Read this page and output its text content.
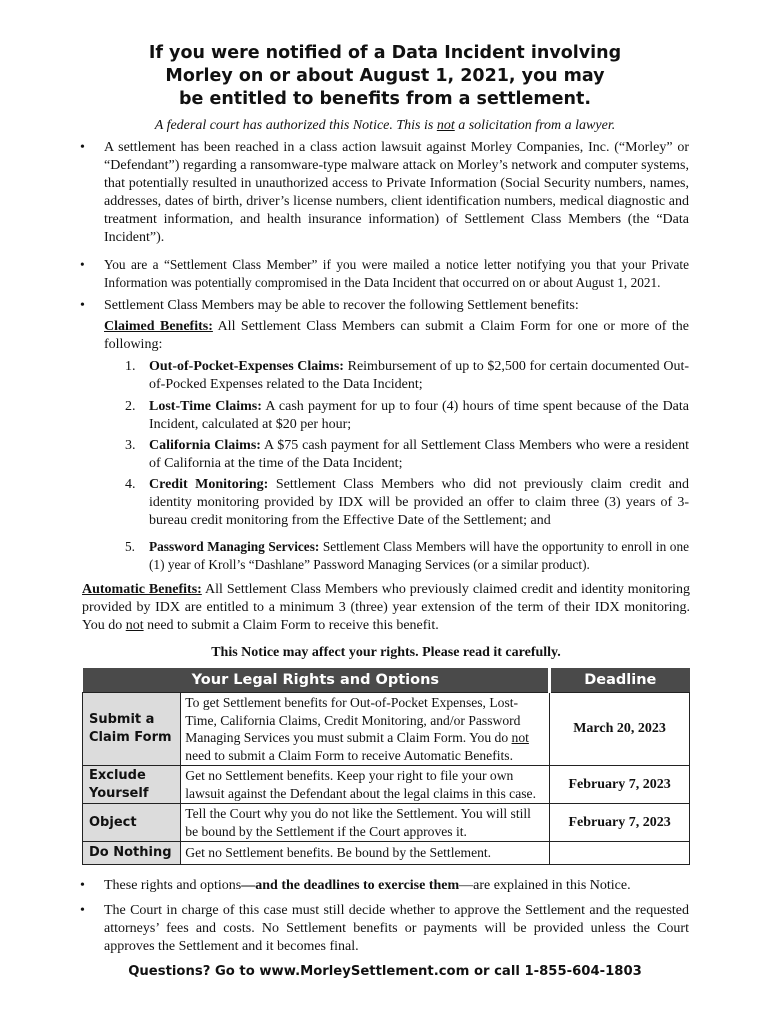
If you were notified of a Data Incident involving
Morley on or about August 1, 2021, you may
be entitled to benefits from a settlement.
A federal court has authorized this Notice. This is not a solicitation from a lawyer.
• A settlement has been reached in a class action lawsuit against Morley Companies, Inc. (“Morley” or “Defendant”) regarding a ransomware-type malware attack on Morley’s network and computer systems, that potentially resulted in unauthorized access to Private Information (Social Security numbers, names, addresses, dates of birth, driver’s license numbers, client identification numbers, medical diagnostic and treatment information, and health insurance information) of Settlement Class Members (the “Data Incident”).
• You are a “Settlement Class Member” if you were mailed a notice letter notifying you that your Private Information was potentially compromised in the Data Incident that occurred on or about August 1, 2021.
• Settlement Class Members may be able to recover the following Settlement benefits:
Claimed Benefits: All Settlement Class Members can submit a Claim Form for one or more of the following:
1. Out-of-Pocket-Expenses Claims: Reimbursement of up to $2,500 for certain documented Out-of-Pocked Expenses related to the Data Incident;
2. Lost-Time Claims: A cash payment for up to four (4) hours of time spent because of the Data Incident, calculated at $20 per hour;
3. California Claims: A $75 cash payment for all Settlement Class Members who were a resident of California at the time of the Data Incident;
4. Credit Monitoring: Settlement Class Members who did not previously claim credit and identity monitoring provided by IDX will be provided an offer to claim three (3) years of 3-bureau credit monitoring from the Effective Date of the Settlement; and
5. Password Managing Services: Settlement Class Members will have the opportunity to enroll in one (1) year of Kroll’s “Dashlane” Password Managing Services (or a similar product).
Automatic Benefits: All Settlement Class Members who previously claimed credit and identity monitoring provided by IDX are entitled to a minimum 3 (three) year extension of the term of their IDX monitoring. You do not need to submit a Claim Form to receive this benefit.
This Notice may affect your rights. Please read it carefully.
Your Legal Rights and Options		Deadline
Submit a Claim Form	To get Settlement benefits for Out-of-Pocket Expenses, Lost-Time, California Claims, Credit Monitoring, and/or Password Managing Services you must submit a Claim Form. You do not need to submit a Claim Form to receive Automatic Benefits.	March 20, 2023
Exclude Yourself	Get no Settlement benefits. Keep your right to file your own lawsuit against the Defendant about the legal claims in this case.	February 7, 2023
Object	Tell the Court why you do not like the Settlement. You will still be bound by the Settlement if the Court approves it.	February 7, 2023
Do Nothing	Get no Settlement benefits. Be bound by the Settlement.	
• These rights and options—and the deadlines to exercise them—are explained in this Notice.
• The Court in charge of this case must still decide whether to approve the Settlement and the requested attorneys’ fees and costs. No Settlement benefits or payments will be provided unless the Court approves the Settlement and it becomes final.
Questions? Go to www.MorleySettlement.com or call 1-855-604-1803
